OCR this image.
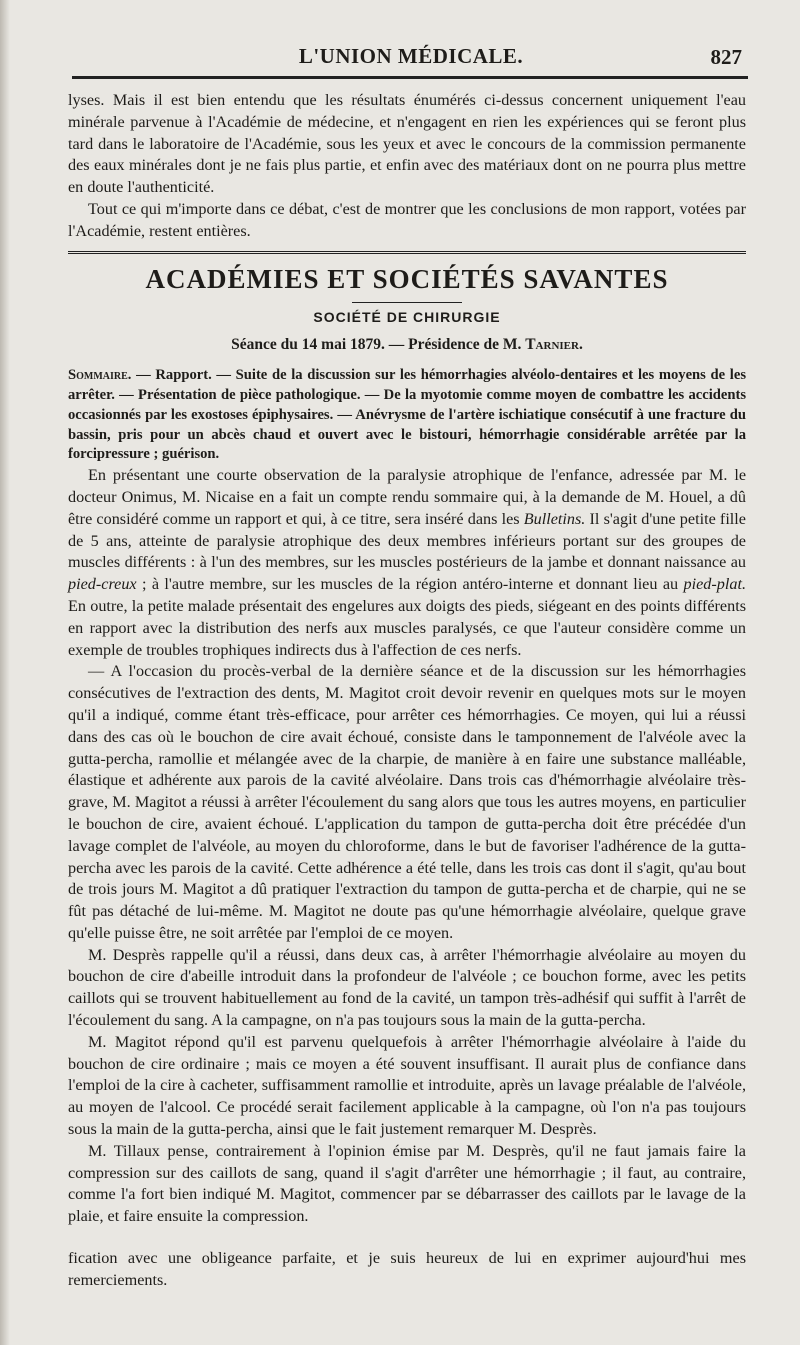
L'UNION MÉDICALE.	827

lyses. Mais il est bien entendu que les résultats énumérés ci-dessus concernent uniquement l'eau minérale parvenue à l'Académie de médecine, et n'engagent en rien les expériences qui se feront plus tard dans le laboratoire de l'Académie, sous les yeux et avec le concours de la commission permanente des eaux minérales dont je ne fais plus partie, et enfin avec des matériaux dont on ne pourra plus mettre en doute l'authenticité.

Tout ce qui m'importe dans ce débat, c'est de montrer que les conclusions de mon rapport, votées par l'Académie, restent entières.

ACADÉMIES ET SOCIÉTÉS SAVANTES
SOCIÉTÉ DE CHIRURGIE
Séance du 14 mai 1879. — Présidence de M. Tarnier.

Sommaire. — Rapport. — Suite de la discussion sur les hémorrhagies alvéolo-dentaires et les moyens de les arrêter. — Présentation de pièce pathologique. — De la myotomie comme moyen de combattre les accidents occasionnés par les exostoses épiphysaires. — Anévrysme de l'artère ischiatique consécutif à une fracture du bassin, pris pour un abcès chaud et ouvert avec le bistouri, hémorrhagie considérable arrêtée par la forcipressure ; guérison.

En présentant une courte observation de la paralysie atrophique de l'enfance, adressée par M. le docteur Onimus, M. Nicaise en a fait un compte rendu sommaire qui, à la demande de M. Houel, a dû être considéré comme un rapport et qui, à ce titre, sera inséré dans les Bulletins. Il s'agit d'une petite fille de 5 ans, atteinte de paralysie atrophique des deux membres inférieurs portant sur des groupes de muscles différents : à l'un des membres, sur les muscles postérieurs de la jambe et donnant naissance au pied-creux ; à l'autre membre, sur les muscles de la région antéro-interne et donnant lieu au pied-plat. En outre, la petite malade présentait des engelures aux doigts des pieds, siégeant en des points différents en rapport avec la distribution des nerfs aux muscles paralysés, ce que l'auteur considère comme un exemple de troubles trophiques indirects dus à l'affection de ces nerfs.

— A l'occasion du procès-verbal de la dernière séance et de la discussion sur les hémorrhagies consécutives de l'extraction des dents, M. Magitot croit devoir revenir en quelques mots sur le moyen qu'il a indiqué, comme étant très-efficace, pour arrêter ces hémorrhagies. Ce moyen, qui lui a réussi dans des cas où le bouchon de cire avait échoué, consiste dans le tamponnement de l'alvéole avec la gutta-percha, ramollie et mélangée avec de la charpie, de manière à en faire une substance malléable, élastique et adhérente aux parois de la cavité alvéolaire. Dans trois cas d'hémorrhagie alvéolaire très-grave, M. Magitot a réussi à arrêter l'écoulement du sang alors que tous les autres moyens, en particulier le bouchon de cire, avaient échoué. L'application du tampon de gutta-percha doit être précédée d'un lavage complet de l'alvéole, au moyen du chloroforme, dans le but de favoriser l'adhérence de la gutta-percha avec les parois de la cavité. Cette adhérence a été telle, dans les trois cas dont il s'agit, qu'au bout de trois jours M. Magitot a dû pratiquer l'extraction du tampon de gutta-percha et de charpie, qui ne se fût pas détaché de lui-même. M. Magitot ne doute pas qu'une hémorrhagie alvéolaire, quelque grave qu'elle puisse être, ne soit arrêtée par l'emploi de ce moyen.

M. Desprès rappelle qu'il a réussi, dans deux cas, à arrêter l'hémorrhagie alvéolaire au moyen du bouchon de cire d'abeille introduit dans la profondeur de l'alvéole ; ce bouchon forme, avec les petits caillots qui se trouvent habituellement au fond de la cavité, un tampon très-adhésif qui suffit à l'arrêt de l'écoulement du sang. A la campagne, on n'a pas toujours sous la main de la gutta-percha.

M. Magitot répond qu'il est parvenu quelquefois à arrêter l'hémorrhagie alvéolaire à l'aide du bouchon de cire ordinaire ; mais ce moyen a été souvent insuffisant. Il aurait plus de confiance dans l'emploi de la cire à cacheter, suffisamment ramollie et introduite, après un lavage préalable de l'alvéole, au moyen de l'alcool. Ce procédé serait facilement applicable à la campagne, où l'on n'a pas toujours sous la main de la gutta-percha, ainsi que le fait justement remarquer M. Desprès.

M. Tillaux pense, contrairement à l'opinion émise par M. Desprès, qu'il ne faut jamais faire la compression sur des caillots de sang, quand il s'agit d'arrêter une hémorrhagie ; il faut, au contraire, comme l'a fort bien indiqué M. Magitot, commencer par se débarrasser des caillots par le lavage de la plaie, et faire ensuite la compression.

fication avec une obligeance parfaite, et je suis heureux de lui en exprimer aujourd'hui mes remerciements.
